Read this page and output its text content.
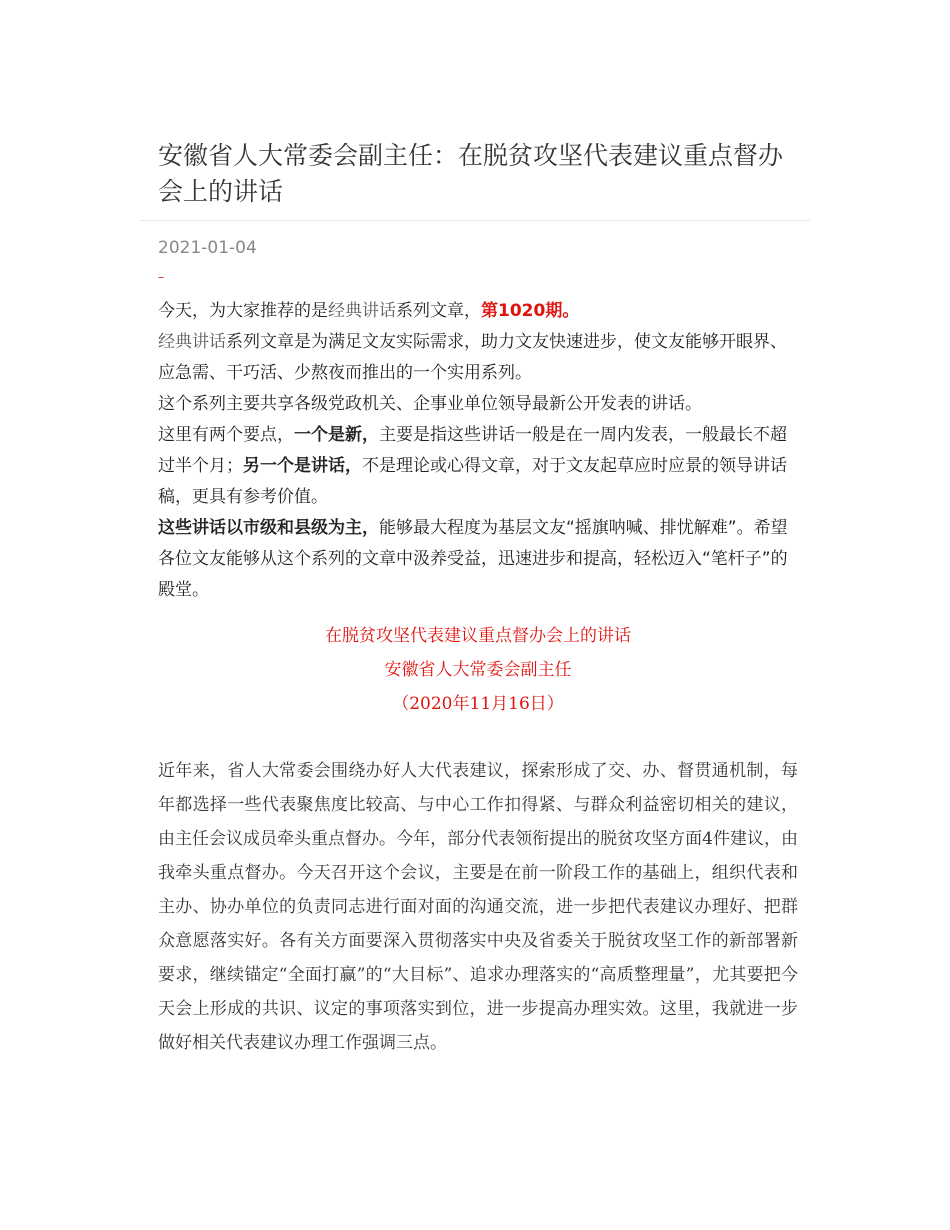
安徽省人大常委会副主任：在脱贫攻坚代表建议重点督办会上的讲话
2021-01-04
–

今天，为大家推荐的是经典讲话系列文章，第1020期。

经典讲话系列文章是为满足文友实际需求，助力文友快速进步，使文友能够开眼界、应急需、干巧活、少熬夜而推出的一个实用系列。

这个系列主要共享各级党政机关、企事业单位领导最新公开发表的讲话。

这里有两个要点，一个是新，主要是指这些讲话一般是在一周内发表，一般最长不超过半个月；另一个是讲话，不是理论或心得文章，对于文友起草应时应景的领导讲话稿，更具有参考价值。

这些讲话以市级和县级为主，能够最大程度为基层文友“摇旗呐喊、排忧解难”。希望各位文友能够从这个系列的文章中汲养受益，迅速进步和提高，轻松迈入“笔杆子”的殿堂。

在脱贫攻坚代表建议重点督办会上的讲话
安徽省人大常委会副主任
（2020年11月16日）

近年来，省人大常委会围绕办好人大代表建议，探索形成了交、办、督贯通机制，每年都选择一些代表聚焦度比较高、与中心工作扣得紧、与群众利益密切相关的建议，由主任会议成员牵头重点督办。今年，部分代表领衔提出的脱贫攻坚方面4件建议，由我牵头重点督办。今天召开这个会议，主要是在前一阶段工作的基础上，组织代表和主办、协办单位的负责同志进行面对面的沟通交流，进一步把代表建议办理好、把群众意愿落实好。各有关方面要深入贯彻落实中央及省委关于脱贫攻坚工作的新部署新要求，继续锚定“全面打赢”的“大目标”、追求办理落实的“高质整理量”，尤其要把今天会上形成的共识、议定的事项落实到位，进一步提高办理实效。这里，我就进一步做好相关代表建议办理工作强调三点。
